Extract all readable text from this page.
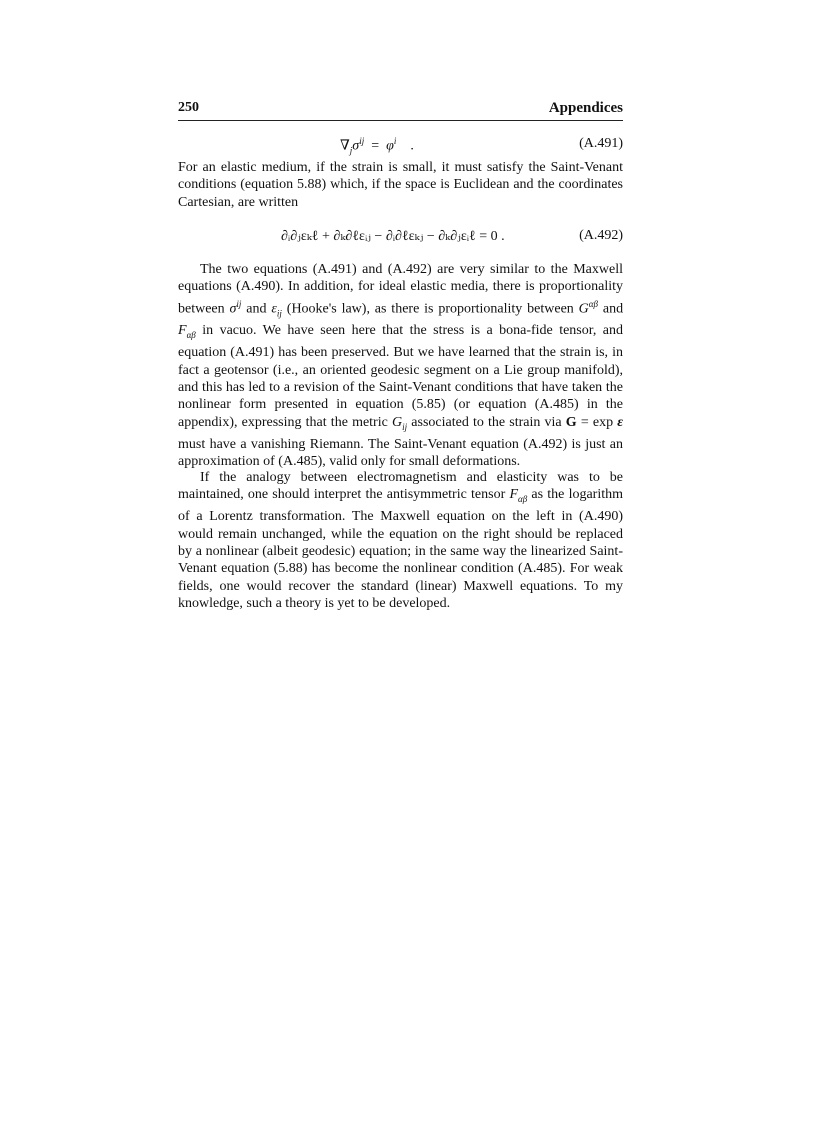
250	Appendices
$\nabla_j\sigma^{ij} = \varphi^i$ .	(A.491)

For an elastic medium, if the strain is small, it must satisfy the Saint-Venant conditions (equation 5.88) which, if the space is Euclidean and the coordinates Cartesian, are written

∂ᵢ∂ⱼεₖℓ + ∂ₖ∂ℓεᵢⱼ − ∂ᵢ∂ℓεₖⱼ − ∂ₖ∂ⱼεᵢℓ = 0 .	(A.492)

The two equations (A.491) and (A.492) are very similar to the Maxwell equations (A.490). In addition, for ideal elastic media, there is proportionality between $\sigma^{ij}$ and $\varepsilon_{ij}$ (Hooke's law), as there is proportionality between $G^{\alpha\beta}$ and $F_{\alpha\beta}$ in vacuo. We have seen here that the stress is a bona-fide tensor, and equation (A.491) has been preserved. But we have learned that the strain is, in fact a geotensor (i.e., an oriented geodesic segment on a Lie group manifold), and this has led to a revision of the Saint-Venant conditions that have taken the nonlinear form presented in equation (5.85) (or equation (A.485) in the appendix), expressing that the metric $G_{ij}$ associated to the strain via G = exp ε must have a vanishing Riemann. The Saint-Venant equation (A.492) is just an approximation of (A.485), valid only for small deformations.

If the analogy between electromagnetism and elasticity was to be maintained, one should interpret the antisymmetric tensor $F_{\alpha\beta}$ as the logarithm of a Lorentz transformation. The Maxwell equation on the left in (A.490) would remain unchanged, while the equation on the right should be replaced by a nonlinear (albeit geodesic) equation; in the same way the linearized Saint-Venant equation (5.88) has become the nonlinear condition (A.485). For weak fields, one would recover the standard (linear) Maxwell equations. To my knowledge, such a theory is yet to be developed.
